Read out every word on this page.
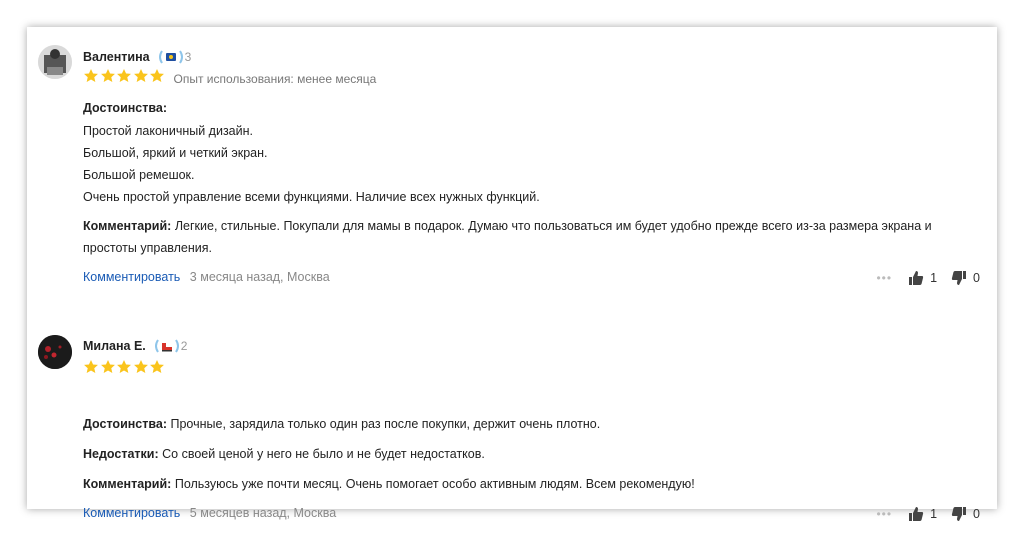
Валентина	3
Опыт использования: менее месяца
Достоинства:
Простой лаконичный дизайн.
Большой, яркий и четкий экран.
Большой ремешок.
Очень простой управление всеми функциями. Наличие всех нужных функций.
Комментарий: Легкие, стильные. Покупали для мамы в подарок. Думаю что пользоваться им будет удобно прежде всего из-за размера экрана и
простоты управления.
Комментировать 3 месяца назад, Москва	•••	1	0
Милана Е.	2
Достоинства: Прочные, зарядила только один раз после покупки, держит очень плотно.
Недостатки: Со своей ценой у него не было и не будет недостатков.
Комментарий: Пользуюсь уже почти месяц. Очень помогает особо активным людям. Всем рекомендую!
Комментировать 5 месяцев назад, Москва	•••	1	0
